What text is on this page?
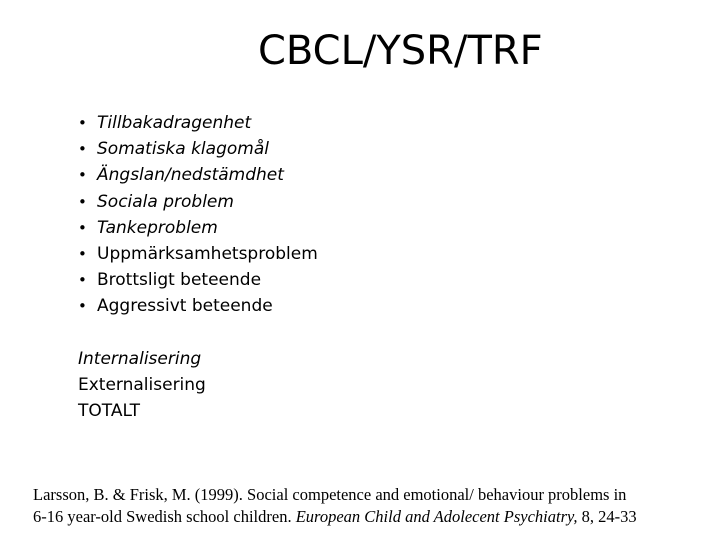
CBCL/YSR/TRF
• Tillbakadragenhet
• Somatiska klagomål
• Ängslan/nedstämdhet
• Sociala problem
• Tankeproblem
• Uppmärksamhetsproblem
• Brottsligt beteende
• Aggressivt beteende
Internalisering
Externalisering
TOTALT
Larsson, B. & Frisk, M. (1999). Social competence and emotional/ behaviour problems in
6-16 year-old Swedish school children. European Child and Adolecent Psychiatry, 8, 24-33
